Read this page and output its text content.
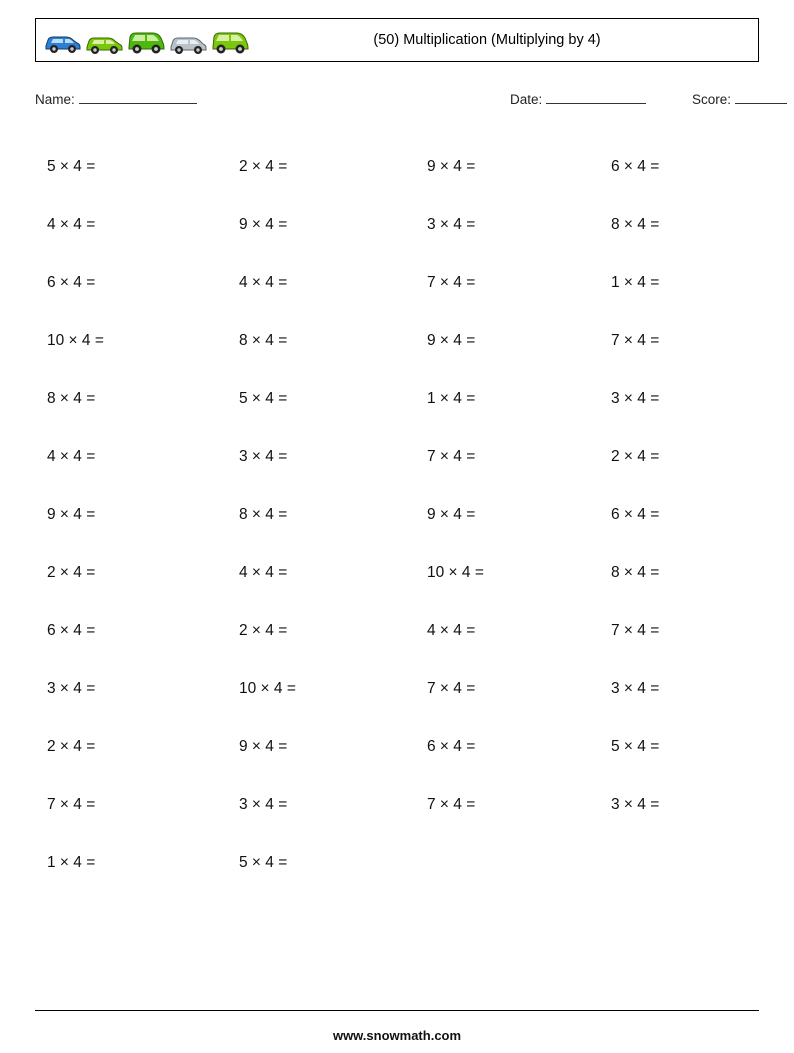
(50) Multiplication (Multiplying by 4)
Name:	Date:	Score:
5 × 4 =	2 × 4 =	9 × 4 =	6 × 4 =
4 × 4 =	9 × 4 =	3 × 4 =	8 × 4 =
6 × 4 =	4 × 4 =	7 × 4 =	1 × 4 =
10 × 4 =	8 × 4 =	9 × 4 =	7 × 4 =
8 × 4 =	5 × 4 =	1 × 4 =	3 × 4 =
4 × 4 =	3 × 4 =	7 × 4 =	2 × 4 =
9 × 4 =	8 × 4 =	9 × 4 =	6 × 4 =
2 × 4 =	4 × 4 =	10 × 4 =	8 × 4 =
6 × 4 =	2 × 4 =	4 × 4 =	7 × 4 =
3 × 4 =	10 × 4 =	7 × 4 =	3 × 4 =
2 × 4 =	9 × 4 =	6 × 4 =	5 × 4 =
7 × 4 =	3 × 4 =	7 × 4 =	3 × 4 =
1 × 4 =	5 × 4 =
www.snowmath.com
